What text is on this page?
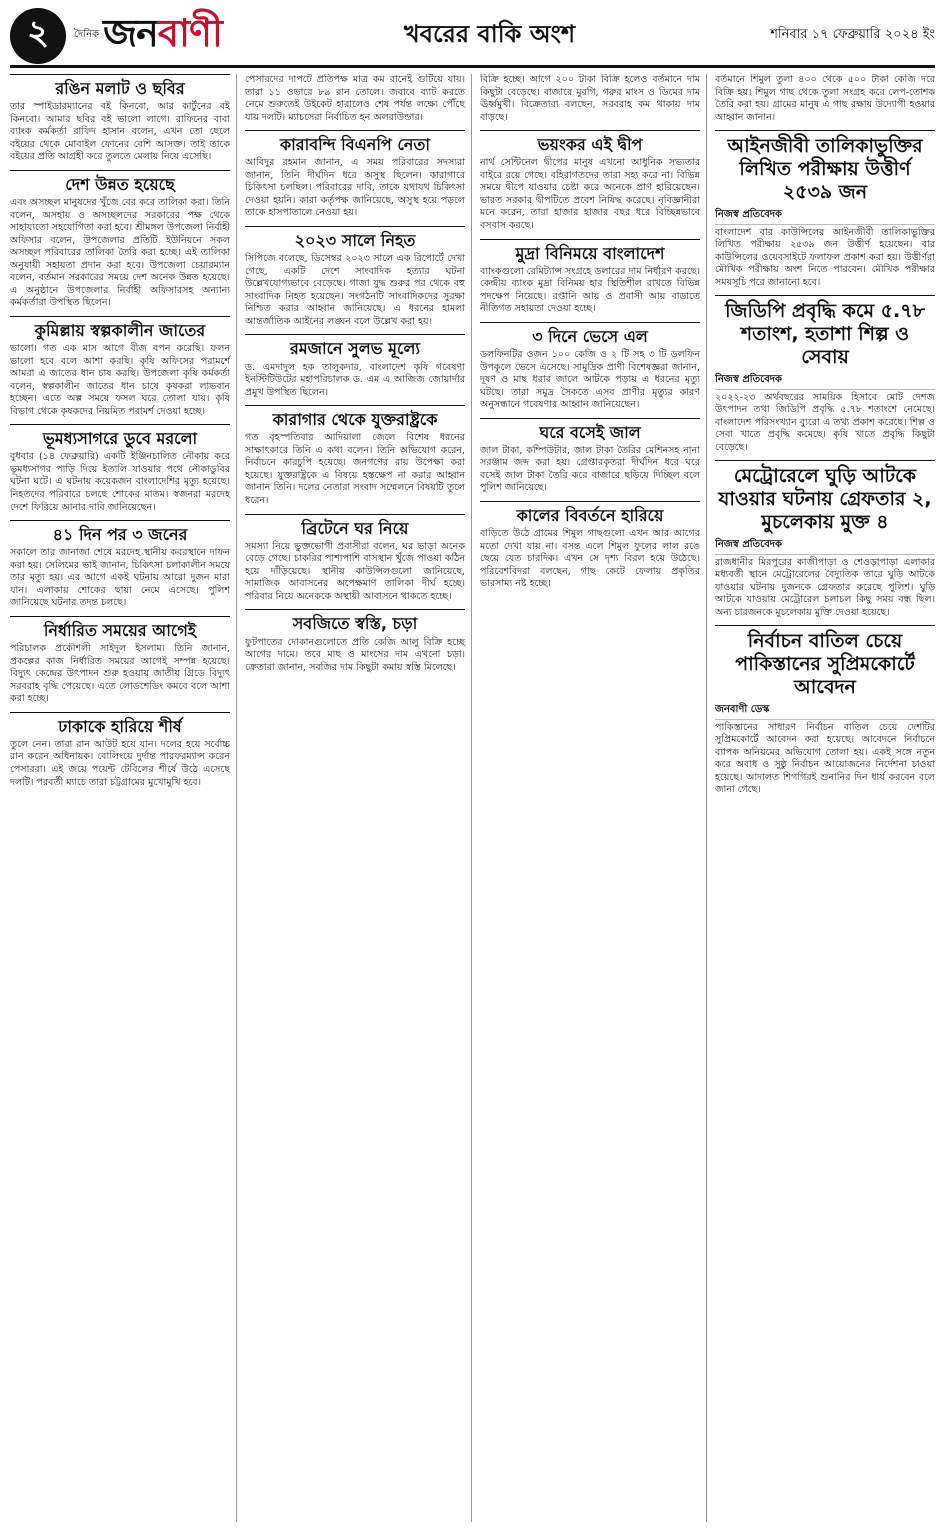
২	দৈনিক জনবাণী	খবরের বাকি অংশ	শনিবার ১৭ ফেব্রুয়ারি ২০২৪ ইং
রঙিন মলাট ও ছবির
তার স্পাইডারম্যানের বই কিনবো, আর কার্টুনের বই কিনবো। আমার ছবির বই ভালো লাগে। রাফিনের বাবা ব্যাংক কর্মকর্তা রাফিদ হাসান বলেন, এখন তো ছেলে বইয়ের থেকে মোবাইল ফোনের বেশি আসক্ত। তাই তাকে বইয়ের প্রতি আগ্রহী করে তুলতে মেলায় নিয়ে এসেছি।
দেশ উন্নত হয়েছে
এবং অসচ্ছল মানুষদের খুঁজে বের করে তালিকা করা। তিনি বলেন, অসহায় ও অসচ্ছলদের সরকারের পক্ষ থেকে সাহায্যতো সহযোগিতা করা হবে। শ্রীমঙ্গল উপজেলা নির্বাহী অফিসার বলেন, উপজেলার প্রতিটি ইউনিয়নে সকল অসচ্ছল পরিবারের তালিকা তৈরি করা হচ্ছে। এই তালিকা অনুযায়ী সহায়তা প্রদান করা হবে। উপজেলা চেয়ারম্যান বলেন, বর্তমান সরকারের সময়ে দেশ অনেক উন্নত হয়েছে। এ অনুষ্ঠানে উপজেলার নির্বাহী অফিসারসহ অন্যান্য কর্মকর্তারা উপস্থিত ছিলেন।
কুমিল্লায় স্বল্পকালীন জাতের
ভালো। গত এক মাস আগে বীজ বপন করেছি। ফলন ভালো হবে বলে আশা করছি। কৃষি অফিসের পরামর্শে আমরা এ জাতের ধান চাষ করছি। উপজেলা কৃষি কর্মকর্তা বলেন, স্বল্পকালীন জাতের ধান চাষে কৃষকরা লাভবান হচ্ছেন। এতে অল্প সময়ে ফসল ঘরে তোলা যায়। কৃষি বিভাগ থেকে কৃষকদের নিয়মিত পরামর্শ দেওয়া হচ্ছে।
ভূমধ্যসাগরে ডুবে মরলো
বুধবার (১৪ ফেব্রুয়ারি) একটি ইঞ্জিনচালিত নৌকায় করে ভূমধ্যসাগর পাড়ি দিয়ে ইতালি যাওয়ার পথে নৌকাডুবির ঘটনা ঘটে। এ ঘটনায় কয়েকজন বাংলাদেশির মৃত্যু হয়েছে। নিহতদের পরিবারে চলছে শোকের মাতম। স্বজনরা মরদেহ দেশে ফিরিয়ে আনার দাবি জানিয়েছেন।
৪১ দিন পর ৩ জনের
সকালে তার জানাজা শেষে মরদেহ স্থানীয় কবরস্থানে দাফন করা হয়। সেলিমের ভাই জানান, চিকিৎসা চলাকালীন সময়ে তার মৃত্যু হয়। এর আগে একই ঘটনায় আরো দুজন মারা যান। এলাকায় শোকের ছায়া নেমে এসেছে। পুলিশ জানিয়েছে ঘটনার তদন্ত চলছে।
নির্ধারিত সময়ের আগেই
পরিচালক প্রকৌশলী সাইদুল ইসলাম। তিনি জানান, প্রকল্পের কাজ নির্ধারিত সময়ের আগেই সম্পন্ন হয়েছে। বিদ্যুৎ কেন্দ্রের উৎপাদন শুরু হওয়ায় জাতীয় গ্রিডে বিদ্যুৎ সরবরাহ বৃদ্ধি পেয়েছে। এতে লোডশেডিং কমবে বলে আশা করা হচ্ছে।
ঢাকাকে হারিয়ে শীর্ষ
তুলে নেন। তারা রান আউট হয়ে যান। দলের হয়ে সর্বোচ্চ রান করেন অধিনায়ক। বোলিংয়ে দুর্দান্ত পারফরম্যান্স করেন পেসাররা। এই জয়ে পয়েন্ট টেবিলের শীর্ষে উঠে এসেছে দলটি। পরবর্তী ম্যাচে তারা চট্টগ্রামের মুখোমুখি হবে।
পেসারদের দাপটে প্রতিপক্ষ মাত্র কম রানেই গুটিয়ে যায়। তারা ১১ ওভারে ৮৯ রান তোলে। জবাবে ব্যাট করতে নেমে শুরুতেই উইকেট হারালেও শেষ পর্যন্ত লক্ষ্যে পৌঁছে যায় দলটি। ম্যাচসেরা নির্বাচিত হন অলরাউন্ডার।
কারাবন্দি বিএনপি নেতা
আবিদুর রহমান জানান, এ সময় পরিবারের সদস্যরা জানান, তিনি দীর্ঘদিন ধরে অসুস্থ ছিলেন। কারাগারে চিকিৎসা চলছিল। পরিবারের দাবি, তাকে যথাযথ চিকিৎসা দেওয়া হয়নি। কারা কর্তৃপক্ষ জানিয়েছে, অসুস্থ হয়ে পড়লে তাকে হাসপাতালে নেওয়া হয়।
২০২৩ সালে নিহত
সিপিজে বলেছে, ডিসেম্বর ২০২৩ সালে এক রিপোর্টে দেখা গেছে, একটি দেশে সাংবাদিক হত্যার ঘটনা উল্লেখযোগ্যভাবে বেড়েছে। গাজা যুদ্ধ শুরুর পর থেকে বহু সাংবাদিক নিহত হয়েছেন। সংগঠনটি সাংবাদিকদের সুরক্ষা নিশ্চিত করার আহ্বান জানিয়েছে। এ ধরনের হামলা আন্তর্জাতিক আইনের লঙ্ঘন বলে উল্লেখ করা হয়।
রমজানে সুলভ মূল্যে
ড. এমদাদুল হক তালুকদার, বাংলাদেশ কৃষি গবেষণা ইনস্টিটিউটের মহাপরিচালক ড. এম এ আজিজ জোয়ার্দার প্রমুখ উপস্থিত ছিলেন।
কারাগার থেকে যুক্তরাষ্ট্রকে
গত বৃহস্পতিবার আদিয়ালা জেলে বিশেষ ধরনের সাক্ষাৎকারে তিনি এ কথা বলেন। তিনি অভিযোগ করেন, নির্বাচনে কারচুপি হয়েছে। জনগণের রায় উপেক্ষা করা হয়েছে। যুক্তরাষ্ট্রকে এ বিষয়ে হস্তক্ষেপ না করার আহ্বান জানান তিনি। দলের নেতারা সংবাদ সম্মেলনে বিষয়টি তুলে ধরেন।
ব্রিটেনে ঘর নিয়ে
সমস্যা নিয়ে ভুক্তভোগী প্রবাসীরা বলেন, ঘর ভাড়া অনেক বেড়ে গেছে। চাকরির পাশাপাশি বাসস্থান খুঁজে পাওয়া কঠিন হয়ে দাঁড়িয়েছে। স্থানীয় কাউন্সিলগুলো জানিয়েছে, সামাজিক আবাসনের অপেক্ষমাণ তালিকা দীর্ঘ হচ্ছে। পরিবার নিয়ে অনেককে অস্থায়ী আবাসনে থাকতে হচ্ছে।
সবজিতে স্বস্তি, চড়া
ফুটপাতের দোকানগুলোতে প্রতি কেজি আলু বিক্রি হচ্ছে আগের দামে। তবে মাছ ও মাংসের দাম এখনো চড়া। ক্রেতারা জানান, সবজির দাম কিছুটা কমায় স্বস্তি মিলেছে।
বিক্রি হচ্ছে। আগে ২০০ টাকা বিক্রি হলেও বর্তমানে দাম কিছুটা বেড়েছে। বাজারে মুরগি, গরুর মাংস ও ডিমের দাম ঊর্ধ্বমুখী। বিক্রেতারা বলছেন, সরবরাহ কম থাকায় দাম বাড়ছে।
ভয়ংকর এই দ্বীপ
নাৰ্থ সেন্টিনেল দ্বীপের মানুষ এখনো আধুনিক সভ্যতার বাইরে রয়ে গেছে। বহিরাগতদের তারা সহ্য করে না। বিভিন্ন সময়ে দ্বীপে যাওয়ার চেষ্টা করে অনেকে প্রাণ হারিয়েছেন। ভারত সরকার দ্বীপটিতে প্রবেশ নিষিদ্ধ করেছে। নৃবিজ্ঞানীরা মনে করেন, তারা হাজার হাজার বছর ধরে বিচ্ছিন্নভাবে বসবাস করছে।
মুদ্রা বিনিময়ে বাংলাদেশ
ব্যাংকগুলো রেমিট্যান্স সংগ্রহে ডলারের দাম নির্ধারণ করছে। কেন্দ্রীয় ব্যাংক মুদ্রা বিনিময় হার স্থিতিশীল রাখতে বিভিন্ন পদক্ষেপ নিয়েছে। রপ্তানি আয় ও প্রবাসী আয় বাড়াতে নীতিগত সহায়তা দেওয়া হচ্ছে।
৩ দিনে ভেসে এল
ডলফিনটির ওজন ১০০ কেজি ও ২ টি সহ ৩ টি ডলফিন উপকূলে ভেসে এসেছে। সামুদ্রিক প্রাণী বিশেষজ্ঞরা জানান, দূষণ ও মাছ ধরার জালে আটকে পড়ায় এ ধরনের মৃত্যু ঘটছে। তারা সমুদ্র সৈকতে এসব প্রাণীর মৃত্যুর কারণ অনুসন্ধানে গবেষণার আহ্বান জানিয়েছেন।
ঘরে বসেই জাল
জাল টাকা, কম্পিউটার, জাল টাকা তৈরির মেশিনসহ নানা সরঞ্জাম জব্দ করা হয়। গ্রেপ্তারকৃতরা দীর্ঘদিন ধরে ঘরে বসেই জাল টাকা তৈরি করে বাজারে ছড়িয়ে দিচ্ছিল বলে পুলিশ জানিয়েছে।
কালের বিবর্তনে হারিয়ে
বাড়িতে উঠে গ্রামের শিমুল গাছগুলো এখন আর আগের মতো দেখা যায় না। বসন্ত এলে শিমুল ফুলের লাল রঙে ছেয়ে যেত চারদিক। এখন সে দৃশ্য বিরল হয়ে উঠেছে। পরিবেশবিদরা বলছেন, গাছ কেটে ফেলায় প্রকৃতির ভারসাম্য নষ্ট হচ্ছে।
বর্তমানে শিমুল তুলা ৪০০ থেকে ৫০০ টাকা কেজি দরে বিক্রি হয়। শিমুল গাছ থেকে তুলা সংগ্রহ করে লেপ-তোশক তৈরি করা হয়। গ্রামের মানুষ এ গাছ রক্ষায় উদ্যোগী হওয়ার আহ্বান জানান।
আইনজীবী তালিকাভুক্তির লিখিত পরীক্ষায় উত্তীর্ণ ২৫৩৯ জন
নিজস্ব প্রতিবেদক
বাংলাদেশ বার কাউন্সিলের আইনজীবী তালিকাভুক্তির লিখিত পরীক্ষায় ২৫৩৯ জন উত্তীর্ণ হয়েছেন। বার কাউন্সিলের ওয়েবসাইটে ফলাফল প্রকাশ করা হয়। উত্তীর্ণরা মৌখিক পরীক্ষায় অংশ নিতে পারবেন। মৌখিক পরীক্ষার সময়সূচি পরে জানানো হবে।
জিডিপি প্রবৃদ্ধি কমে ৫.৭৮ শতাংশ, হতাশা শিল্প ও সেবায়
নিজস্ব প্রতিবেদক
২০২২-২৩ অর্থবছরের সাময়িক হিসাবে মোট দেশজ উৎপাদন তথা জিডিপি প্রবৃদ্ধি ৫.৭৮ শতাংশে নেমেছে। বাংলাদেশ পরিসংখ্যান ব্যুরো এ তথ্য প্রকাশ করেছে। শিল্প ও সেবা খাতে প্রবৃদ্ধি কমেছে। কৃষি খাতে প্রবৃদ্ধি কিছুটা বেড়েছে।
মেট্রোরেলে ঘুড়ি আটকে যাওয়ার ঘটনায় গ্রেফতার ২, মুচলেকায় মুক্ত ৪
নিজস্ব প্রতিবেদক
রাজধানীর মিরপুরের কাজীপাড়া ও শেওড়াপাড়া এলাকার মধ্যবর্তী স্থানে মেট্রোরেলের বৈদ্যুতিক তারে ঘুড়ি আটকে যাওয়ার ঘটনায় দুজনকে গ্রেফতার করেছে পুলিশ। ঘুড়ি আটকে যাওয়ায় মেট্রোরেল চলাচল কিছু সময় বন্ধ ছিল। অন্য চারজনকে মুচলেকায় মুক্তি দেওয়া হয়েছে।
নির্বাচন বাতিল চেয়ে পাকিস্তানের সুপ্রিমকোর্টে আবেদন
জনবাণী ডেস্ক
পাকিস্তানের সাধারণ নির্বাচন বাতিল চেয়ে দেশটির সুপ্রিমকোর্টে আবেদন করা হয়েছে। আবেদনে নির্বাচনে ব্যাপক অনিয়মের অভিযোগ তোলা হয়। একই সঙ্গে নতুন করে অবাধ ও সুষ্ঠু নির্বাচন আয়োজনের নির্দেশনা চাওয়া হয়েছে। আদালত শিগগিরই শুনানির দিন ধার্য করবেন বলে জানা গেছে।
